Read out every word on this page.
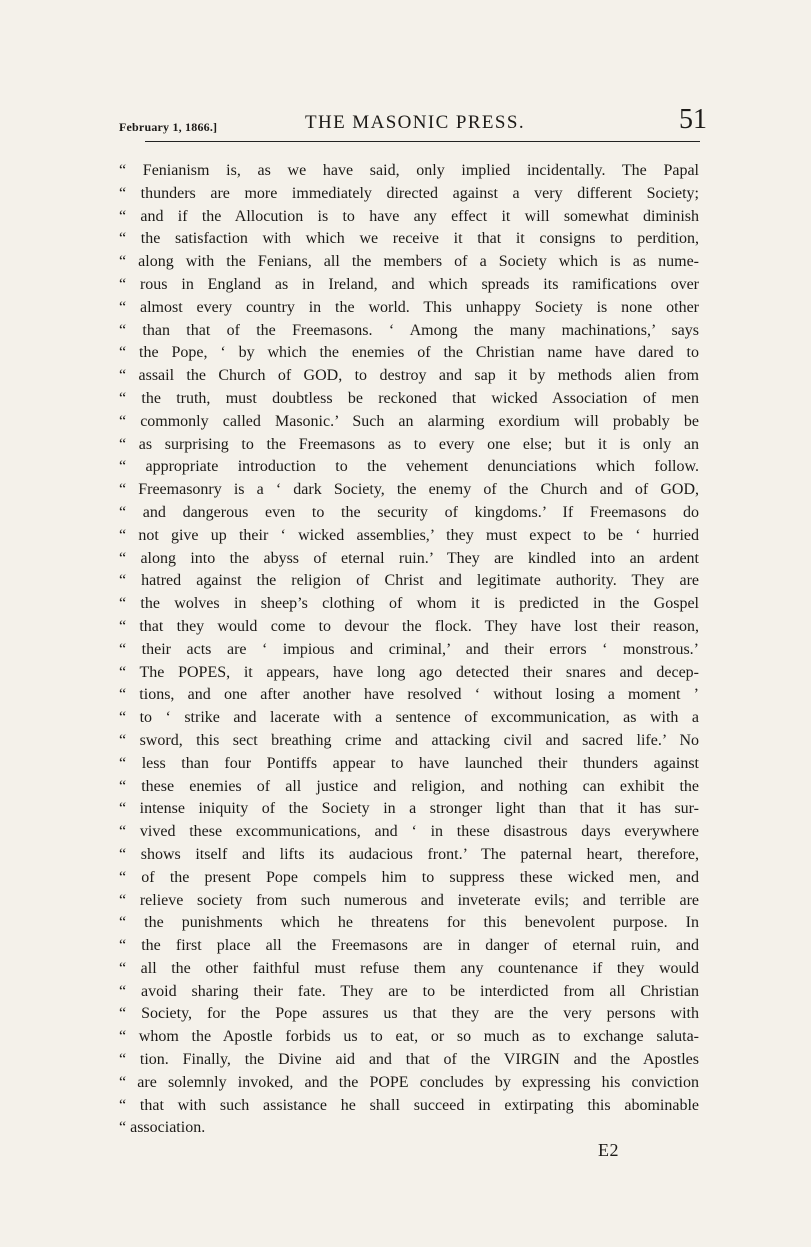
February 1, 1866.]	THE MASONIC PRESS.	51
“ Fenianism is, as we have said, only implied incidentally. The Papal
“ thunders are more immediately directed against a very different Society;
“ and if the Allocution is to have any effect it will somewhat diminish
“ the satisfaction with which we receive it that it consigns to perdition,
“ along with the Fenians, all the members of a Society which is as nume-
“ rous in England as in Ireland, and which spreads its ramifications over
“ almost every country in the world. This unhappy Society is none other
“ than that of the Freemasons. ‘ Among the many machinations,’ says
“ the Pope, ‘ by which the enemies of the Christian name have dared to
“ assail the Church of GOD, to destroy and sap it by methods alien from
“ the truth, must doubtless be reckoned that wicked Association of men
“ commonly called Masonic.’ Such an alarming exordium will probably be
“ as surprising to the Freemasons as to every one else; but it is only an
“ appropriate introduction to the vehement denunciations which follow.
“ Freemasonry is a ‘ dark Society, the enemy of the Church and of GOD,
“ and dangerous even to the security of kingdoms.’ If Freemasons do
“ not give up their ‘ wicked assemblies,’ they must expect to be ‘ hurried
“ along into the abyss of eternal ruin.’ They are kindled into an ardent
“ hatred against the religion of Christ and legitimate authority. They are
“ the wolves in sheep’s clothing of whom it is predicted in the Gospel
“ that they would come to devour the flock. They have lost their reason,
“ their acts are ‘ impious and criminal,’ and their errors ‘ monstrous.’
“ The POPES, it appears, have long ago detected their snares and decep-
“ tions, and one after another have resolved ‘ without losing a moment ’
“ to ‘ strike and lacerate with a sentence of excommunication, as with a
“ sword, this sect breathing crime and attacking civil and sacred life.’ No
“ less than four Pontiffs appear to have launched their thunders against
“ these enemies of all justice and religion, and nothing can exhibit the
“ intense iniquity of the Society in a stronger light than that it has sur-
“ vived these excommunications, and ‘ in these disastrous days everywhere
“ shows itself and lifts its audacious front.’ The paternal heart, therefore,
“ of the present Pope compels him to suppress these wicked men, and
“ relieve society from such numerous and inveterate evils; and terrible are
“ the punishments which he threatens for this benevolent purpose. In
“ the first place all the Freemasons are in danger of eternal ruin, and
“ all the other faithful must refuse them any countenance if they would
“ avoid sharing their fate. They are to be interdicted from all Christian
“ Society, for the Pope assures us that they are the very persons with
“ whom the Apostle forbids us to eat, or so much as to exchange saluta-
“ tion. Finally, the Divine aid and that of the VIRGIN and the Apostles
“ are solemnly invoked, and the POPE concludes by expressing his conviction
“ that with such assistance he shall succeed in extirpating this abominable
“ association.
E2
